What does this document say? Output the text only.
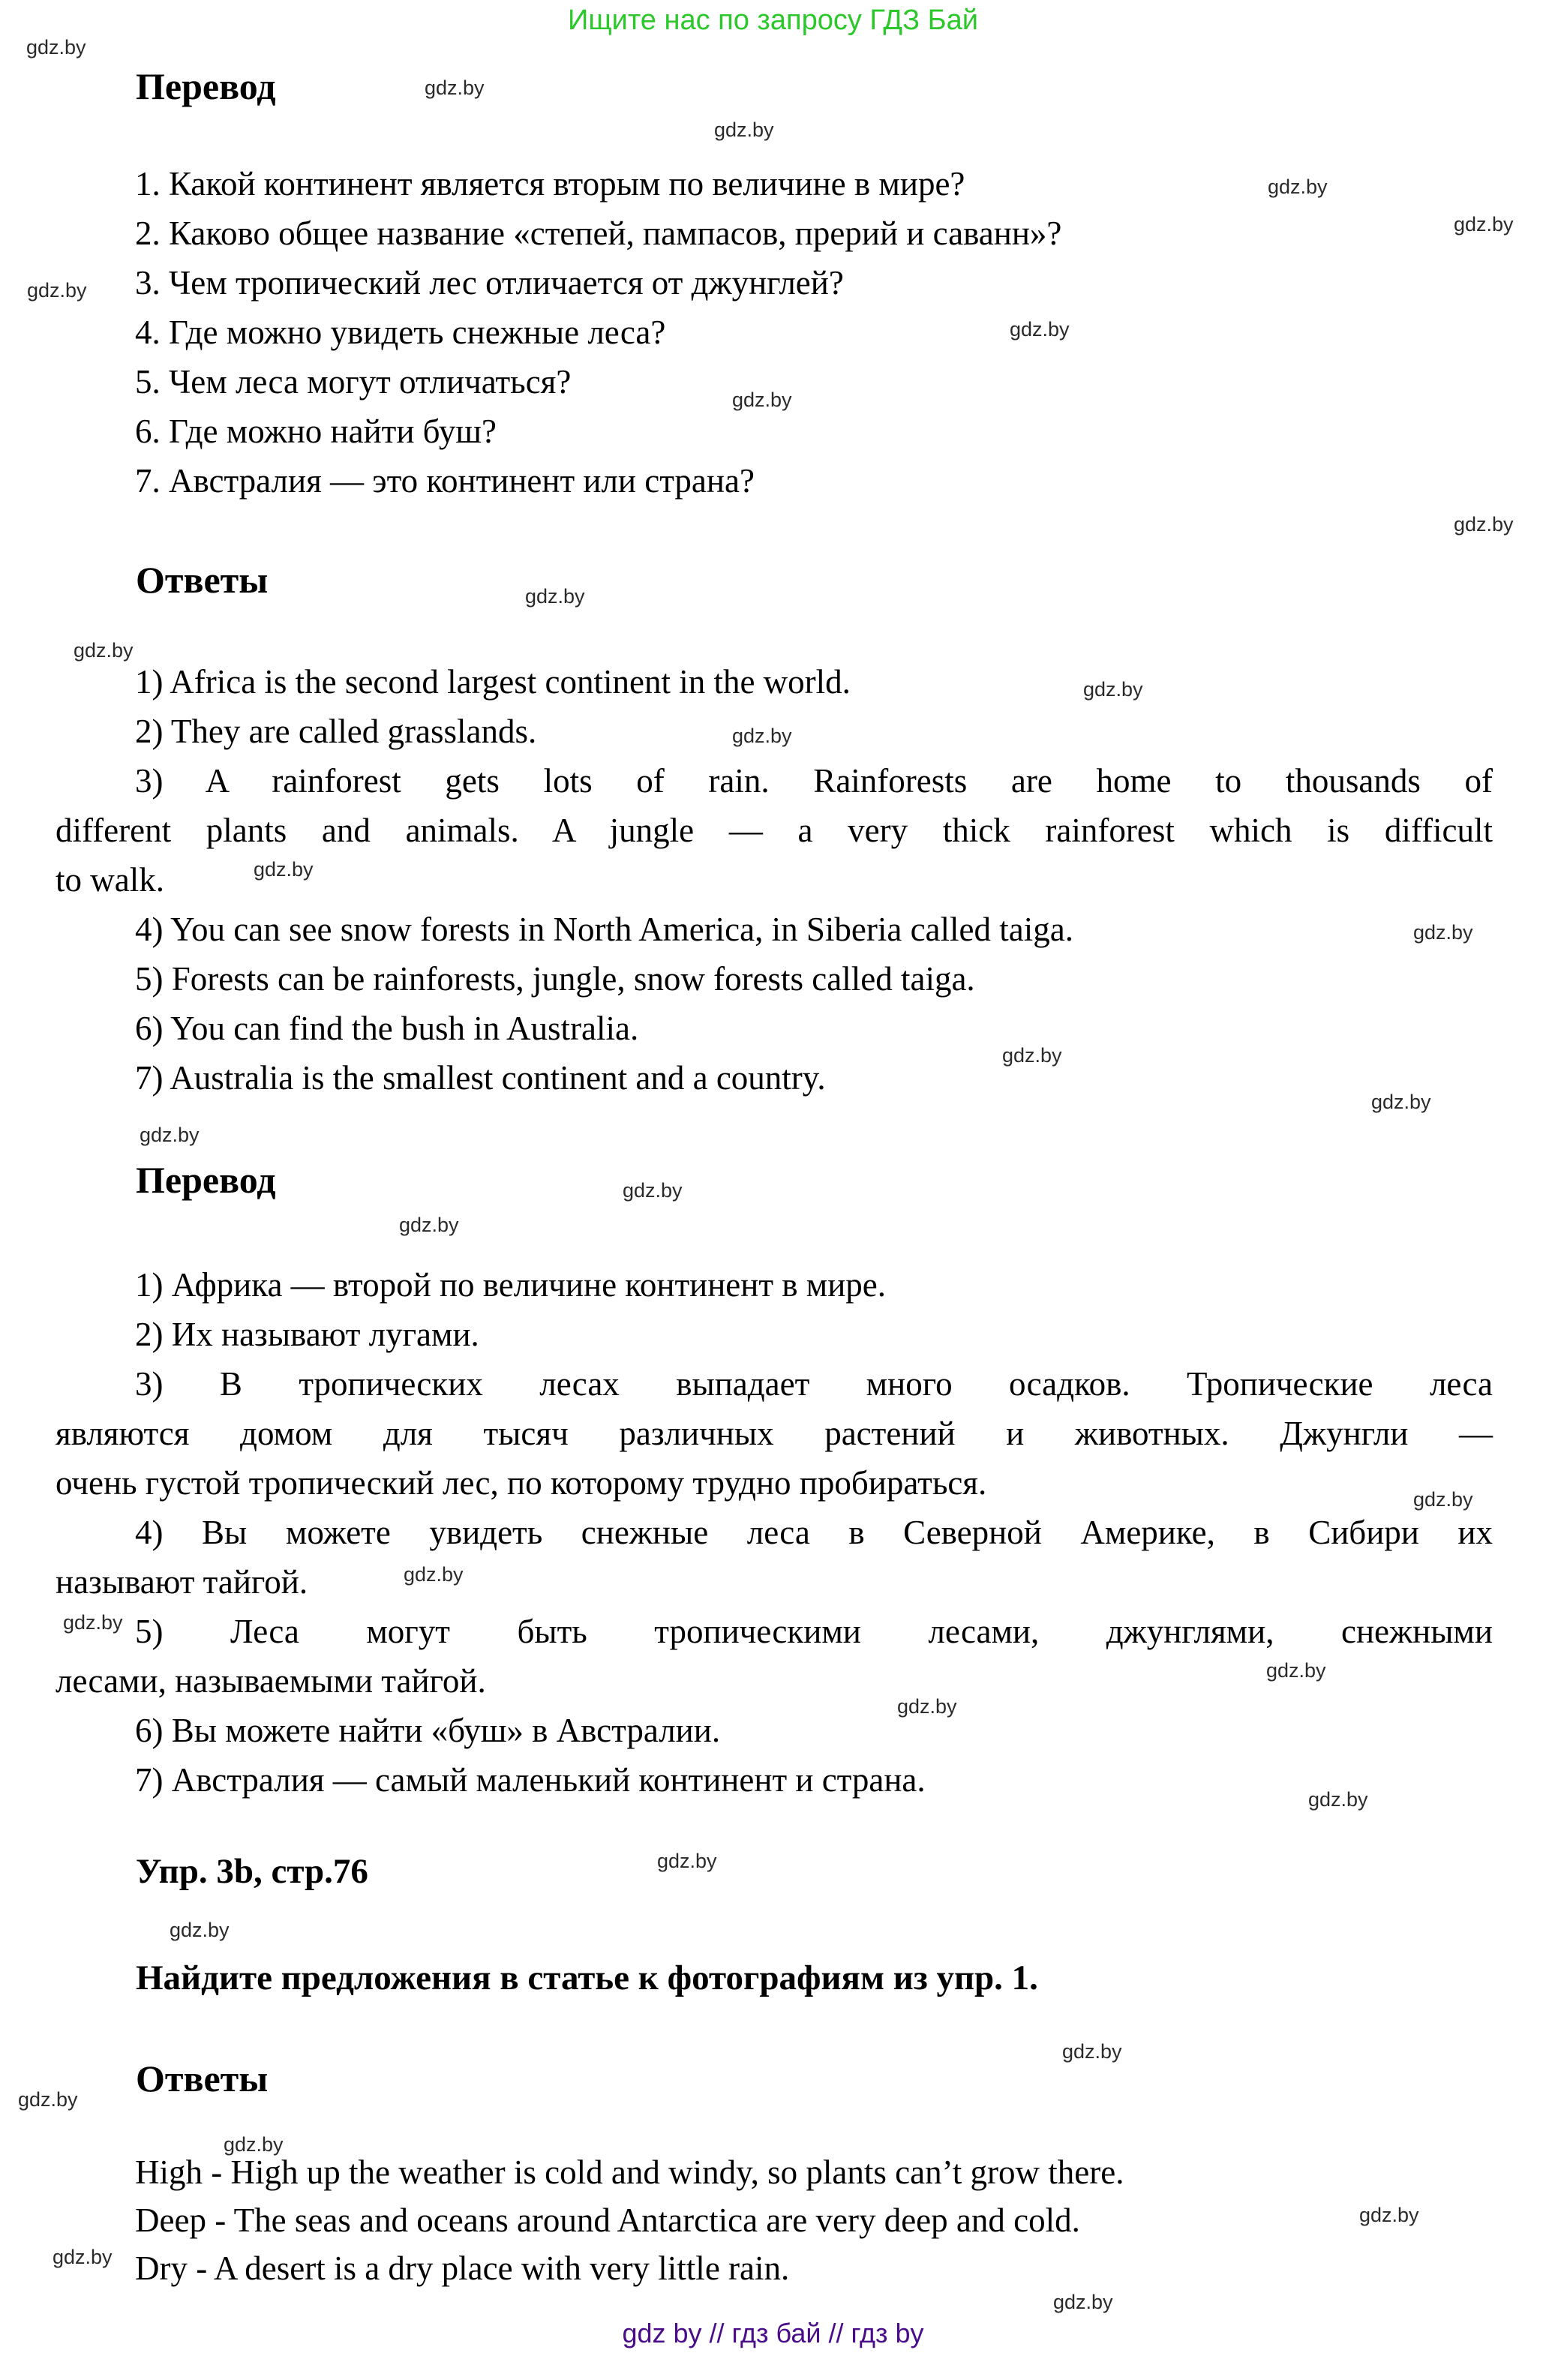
Ищите нас по запросу ГДЗ Бай
gdz.by
gdz.by
gdz.by
gdz.by
gdz.by
gdz.by
gdz.by
gdz.by
gdz.by
gdz.by
gdz.by
gdz.by
gdz.by
gdz.by
gdz.by
gdz.by
gdz.by
gdz.by
gdz.by
gdz.by
gdz.by
gdz.by
gdz.by
gdz.by
gdz.by
gdz.by
gdz.by
gdz.by
gdz.by
gdz.by
gdz.by
gdz.by
gdz.by
gdz.by
Перевод
1. Какой континент является вторым по величине в мире?
2. Каково общее название «степей, пампасов, прерий и саванн»?
3. Чем тропический лес отличается от джунглей?
4. Где можно увидеть снежные леса?
5. Чем леса могут отличаться?
6. Где можно найти буш?
7. Австралия — это континент или страна?
Ответы
1) Africa is the second largest continent in the world.
2) They are called grasslands.
3) A rainforest gets lots of rain. Rainforests are home to thousands of
different plants and animals. A jungle — a very thick rainforest which is difficult
to walk.
4) You can see snow forests in North America, in Siberia called taiga.
5) Forests can be rainforests, jungle, snow forests called taiga.
6) You can find the bush in Australia.
7) Australia is the smallest continent and a country.
Перевод
1) Африка — второй по величине континент в мире.
2) Их называют лугами.
3) В тропических лесах выпадает много осадков. Тропические леса
являются домом для тысяч различных растений и животных. Джунгли —
очень густой тропический лес, по которому трудно пробираться.
4) Вы можете увидеть снежные леса в Северной Америке, в Сибири их
называют тайгой.
5) Леса могут быть тропическими лесами, джунглями, снежными
лесами, называемыми тайгой.
6) Вы можете найти «буш» в Австралии.
7) Австралия — самый маленький континент и страна.
Упр. 3b, стр.76
Найдите предложения в статье к фотографиям из упр. 1.
Ответы
High - High up the weather is cold and windy, so plants can’t grow there.
Deep - The seas and oceans around Antarctica are very deep and cold.
Dry - A desert is a dry place with very little rain.
gdz by // гдз бай // гдз by
